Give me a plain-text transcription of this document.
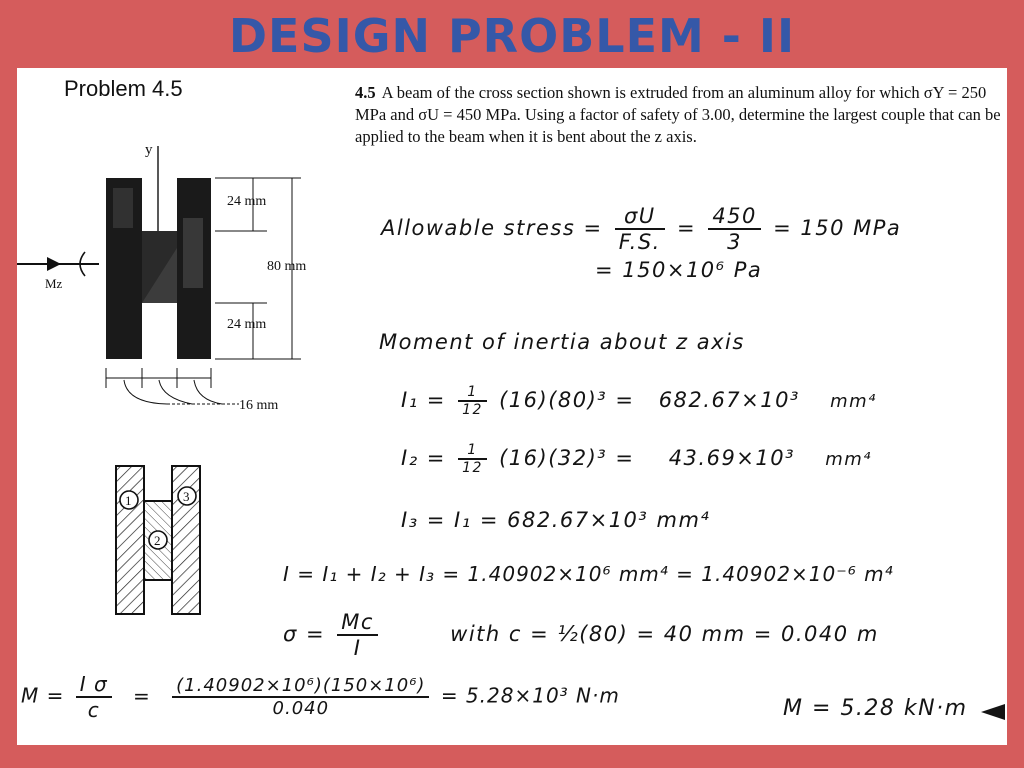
DESIGN PROBLEM - II
Problem 4.5	4.5 A beam of the cross section shown is extruded from an aluminum alloy for which σY = 250 MPa and σU = 450 MPa. Using a factor of safety of 3.00, determine the largest couple that can be applied to the beam when it is bent about the z axis.
y
Mz
80 mm
24 mm
24 mm
16 mm
1
2
3
Allowable stress = $\frac{\sigma U}{F.S.} = \frac{450}{3} = 150$ MPa
= 150×10⁶ Pa
Moment of inertia about z axis
$I_1 = \frac{1}{12} (16)(80)^3 = 682.67\times 10^3$ mm⁴
$I_2 = \frac{1}{12} (16)(32)^3 = 43.69\times 10^3$ mm⁴
I₃ = I₁ = 682.67×10³ mm⁴
I = I₁ + I₂ + I₃ = 1.40902×10⁶ mm⁴ = 1.40902×10⁻⁶ m⁴
$\sigma = \frac{Mc}{I}$	with c = ½(80) = 40 mm = 0.040 m
$M = \frac{\text{I σ}}{c} = \frac{\text{(1.40902×10⁶)(150×10⁶)}}{0.040} = 5.28\times 10^3$ N·m
M = 5.28 kN·m
